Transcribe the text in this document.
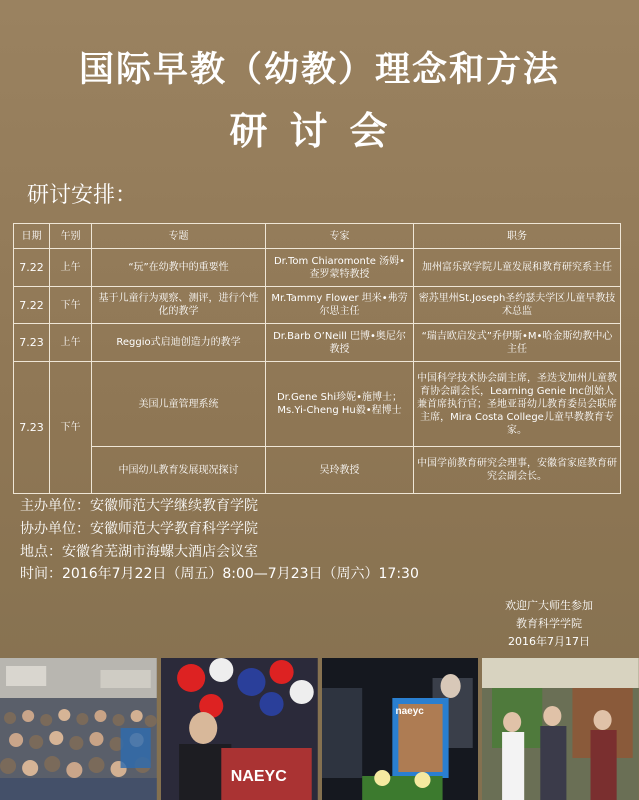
国际早教（幼教）理念和方法
研讨会
研讨安排：
日期	午别	专题	专家	职务
7.22	上午	“玩”在幼教中的重要性	Dr.Tom Chiaromonte 汤姆•查罗蒙特教授	加州富乐敦学院儿童发展和教育研究系主任
7.22	下午	基于儿童行为观察、测评，进行个性化的教学	Mr.Tammy Flower 坦米•弗劳尔思主任	密苏里州St.Joseph圣约瑟夫学区儿童早教技术总监
7.23	上午	Reggio式启迪创造力的教学	Dr.Barb O’Neill 巴博•奥尼尔教授	“瑞吉欧启发式”乔伊斯•M•哈金斯幼教中心主任
7.23	下午	美国儿童管理系统	Dr.Gene Shi珍妮•施博士；Ms.Yi-Cheng Hu毅•程博士	中国科学技术协会副主席，圣迭戈加州儿童教育协会副会长，Learning Genie Inc创始人兼首席执行官；圣地亚哥幼儿教育委员会联席主席，Mira Costa College儿童早教教育专家。
		中国幼儿教育发展现况探讨	吴玲教授	中国学前教育研究会理事，安徽省家庭教育研究会副会长。
主办单位：安徽师范大学继续教育学院
协办单位：安徽师范大学教育科学学院
地点：安徽省芜湖市海螺大酒店会议室
时间：2016年7月22日（周五）8:00—7月23日（周六）17:30
欢迎广大师生参加
教育科学学院
2016年7月17日
NAEYC
naeyc
